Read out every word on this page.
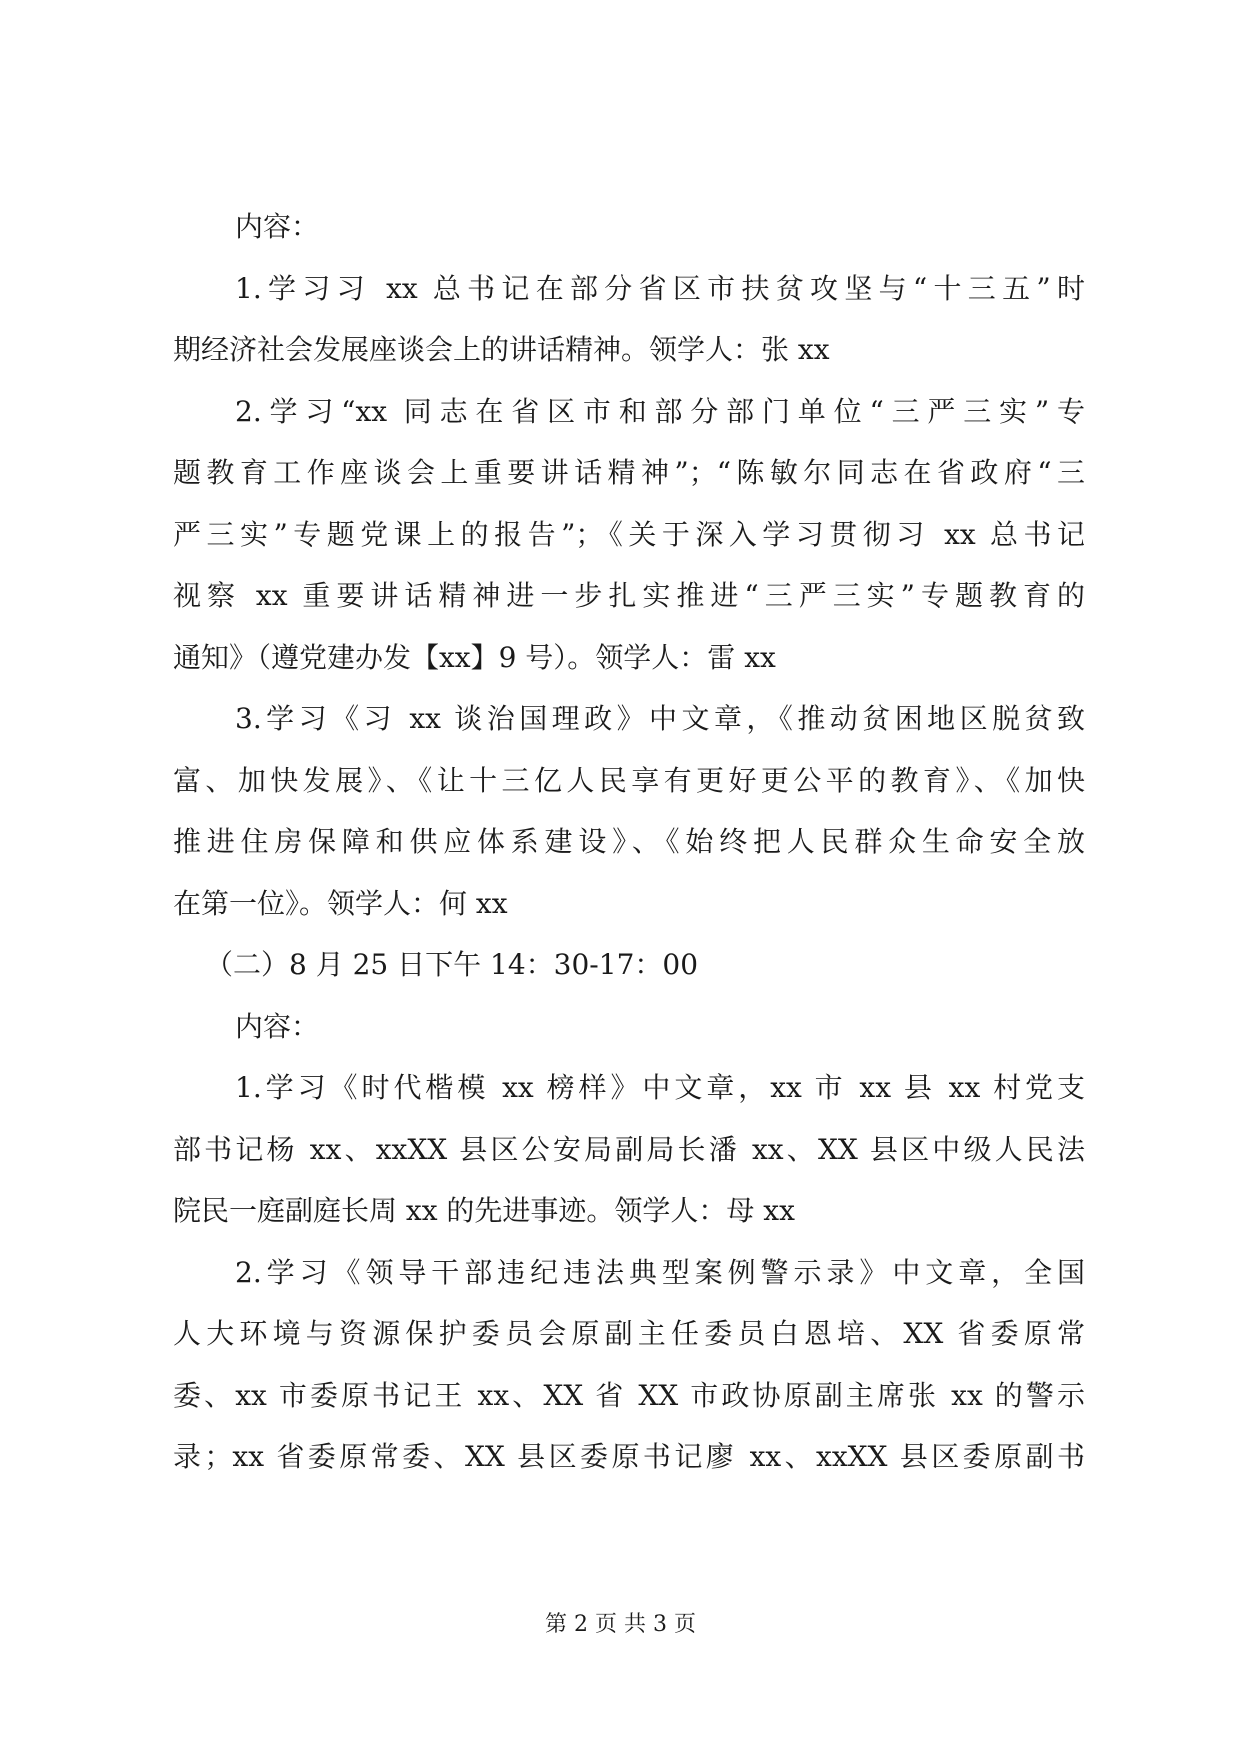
内容：
1.学习习 xx 总书记在部分省区市扶贫攻坚与“十三五”时
期经济社会发展座谈会上的讲话精神。领学人：张 xx
2.学习“xx 同志在省区市和部分部门单位“三严三实”专
题教育工作座谈会上重要讲话精神”；“陈敏尔同志在省政府“三
严三实”专题党课上的报告”；《关于深入学习贯彻习 xx 总书记
视察 xx 重要讲话精神进一步扎实推进“三严三实”专题教育的
通知》（遵党建办发【xx】9 号）。领学人：雷 xx
3.学习《习 xx 谈治国理政》中文章，《推动贫困地区脱贫致
富、加快发展》、《让十三亿人民享有更好更公平的教育》、《加快
推进住房保障和供应体系建设》、《始终把人民群众生命安全放
在第一位》。领学人：何 xx
（二）8 月 25 日下午 14：30-17：00
内容：
1.学习《时代楷模 xx 榜样》中文章，xx 市 xx 县 xx 村党支
部书记杨 xx、xxXX 县区公安局副局长潘 xx、XX 县区中级人民法
院民一庭副庭长周 xx 的先进事迹。领学人：母 xx
2.学习《领导干部违纪违法典型案例警示录》中文章，全国
人大环境与资源保护委员会原副主任委员白恩培、XX 省委原常
委、xx 市委原书记王 xx、XX 省 XX 市政协原副主席张 xx 的警示
录；xx 省委原常委、XX 县区委原书记廖 xx、xxXX 县区委原副书
第 2 页 共 3 页
